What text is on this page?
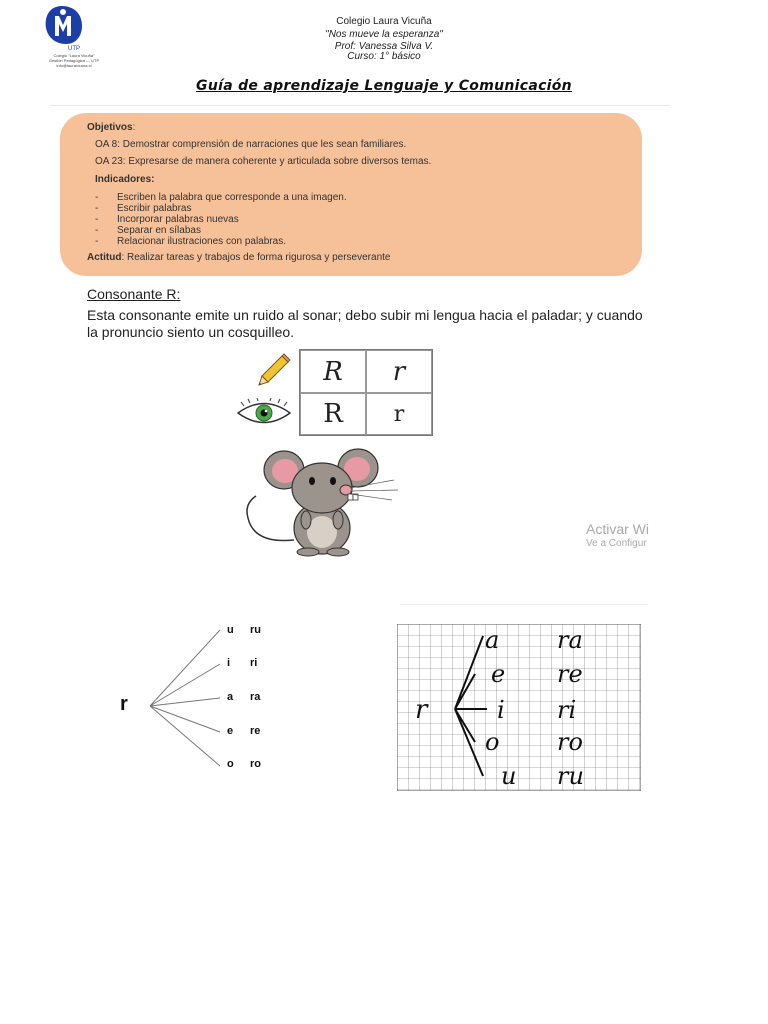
UTP
Colegio "Laura Vicuña"
Gestión Pedagógica — UTP
info@lauravicuna.cl
Colegio Laura Vicuña
"Nos mueve la esperanza"
Prof: Vanessa Silva V.
Curso: 1° básico
Guía de aprendizaje Lenguaje y Comunicación
Objetivos:
OA 8: Demostrar comprensión de narraciones que les sean familiares.
OA 23: Expresarse de manera coherente y articulada sobre diversos temas.
Indicadores:
- Escriben la palabra que corresponde a una imagen.
- Escribir palabras
- Incorporar palabras nuevas
- Separar en sílabas
- Relacionar ilustraciones con palabras.
Actitud: Realizar tareas y trabajos de forma rigurosa y perseverante
Consonante R:
Esta consonante emite un ruido al sonar; debo subir mi lengua hacia el paladar; y cuando la pronuncio siento un cosquilleo.
R	r
R	r
Activar Wi
Ve a Configur
r
u
i
a
e
o
ru
ri
ra
re
ro
r
a
e
i
o
u
ra
re
ri
ro
ru
